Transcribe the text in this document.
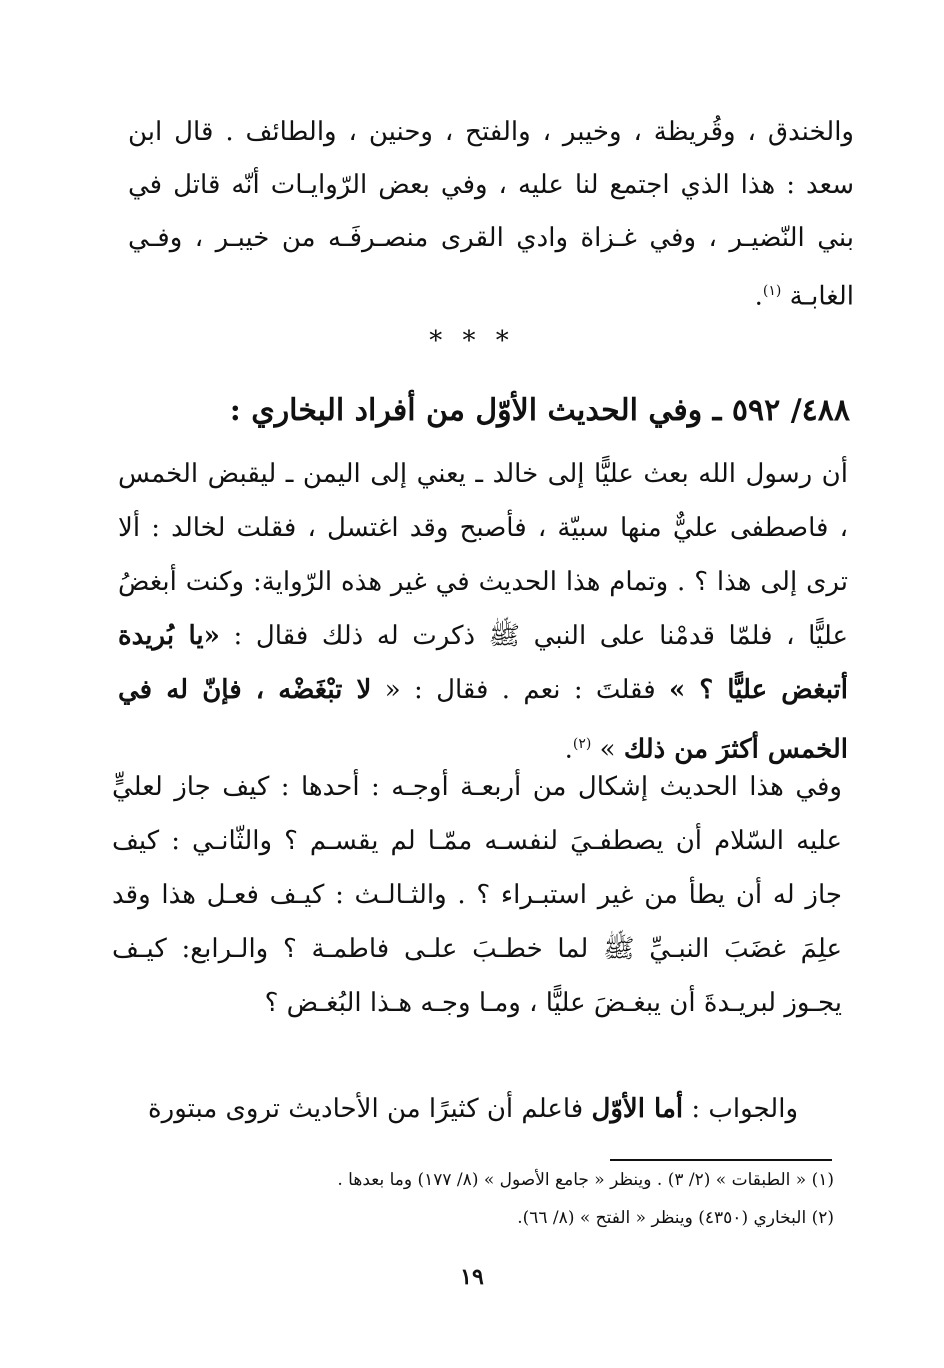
والخندق ، وقُريظة ، وخيبر ، والفتح ، وحنين ، والطائف . قال ابن سعد : هذا الذي اجتمع لنا عليه ، وفي بعض الرّوايـات أنّه قاتل في بني النّضيـر ، وفي غـزاة وادي القرى منصـرفَـه من خيبـر ، وفـي الغابـة $^{(١)}$.
* * *
٤٨٨/ ٥٩٢ ـ وفي الحديث الأوّل من أفراد البخاري :
أن رسول الله بعث عليًّا إلى خالد ـ يعني إلى اليمن ـ ليقبض الخمس ، فاصطفى عليٌّ منها سبيّة ، فأصبح وقد اغتسل ، فقلت لخالد : ألا ترى إلى هذا ؟ . وتمام هذا الحديث في غير هذه الرّواية: وكنت أبغضُ عليًّا ، فلمّا قدمْنا على النبي ﷺ ذكرت له ذلك فقال : «يا بُريدة أتبغض عليًّا ؟ » فقلتَ : نعم . فقال : « لا تبْغَضْه ، فإنّ له في الخمس أكثرَ من ذلك » $^{(٢)}$.
وفي هذا الحديث إشكال من أربعـة أوجـه : أحدها : كيف جاز لعليٍّ عليه السّلام أن يصطفـيَ لنفسـه ممّـا لم يقسـم ؟ والثّانـي : كيف جاز له أن يطأ من غير استبـراء ؟ . والثـالـث : كيـف فعـل هذا وقد علِمَ غضَبَ النبـيِّ ﷺ لما خطـبَ علـى فاطمـة ؟ والـرابع: كيـف يجـوز لبريـدةَ أن يبغـضَ عليًّا ، ومـا وجـه هـذا البُغـض ؟
والجواب : أما الأوّل فاعلم أن كثيرًا من الأحاديث تروى مبتورة
(١) « الطبقات » (٢/ ٣) . وينظر « جامع الأصول » (٨/ ١٧٧) وما بعدها .
(٢) البخاري (٤٣٥٠) وينظر « الفتح » (٨/ ٦٦).
١٩
